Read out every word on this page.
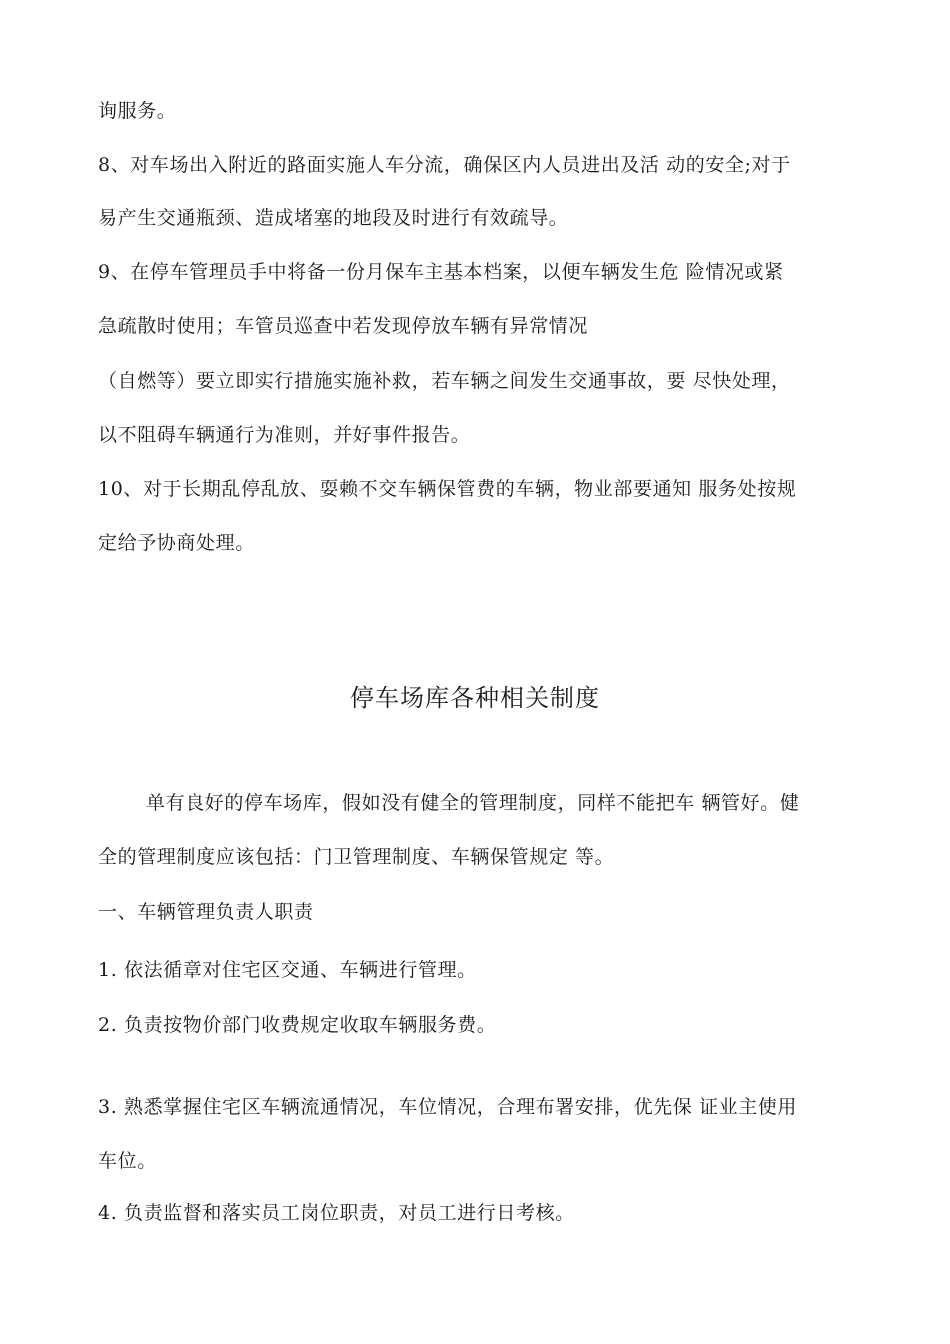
询服务。
8、对车场出入附近的路面实施人车分流，确保区内人员进出及活 动的安全;对于
易产生交通瓶颈、造成堵塞的地段及时进行有效疏导。
9、在停车管理员手中将备一份月保车主基本档案，以便车辆发生危 险情况或紧
急疏散时使用；车管员巡查中若发现停放车辆有异常情况
（自燃等）要立即实行措施实施补救，若车辆之间发生交通事故，要 尽快处理，
以不阻碍车辆通行为准则，并好事件报告。
10、对于长期乱停乱放、耍赖不交车辆保管费的车辆，物业部要通知 服务处按规
定给予协商处理。
停车场库各种相关制度
单有良好的停车场库，假如没有健全的管理制度，同样不能把车 辆管好。健
全的管理制度应该包括：门卫管理制度、车辆保管规定 等。
一、车辆管理负责人职责
1. 依法循章对住宅区交通、车辆进行管理。
2. 负责按物价部门收费规定收取车辆服务费。
3. 熟悉掌握住宅区车辆流通情况，车位情况，合理布署安排，优先保 证业主使用
车位。
4. 负责监督和落实员工岗位职责，对员工进行日考核。
